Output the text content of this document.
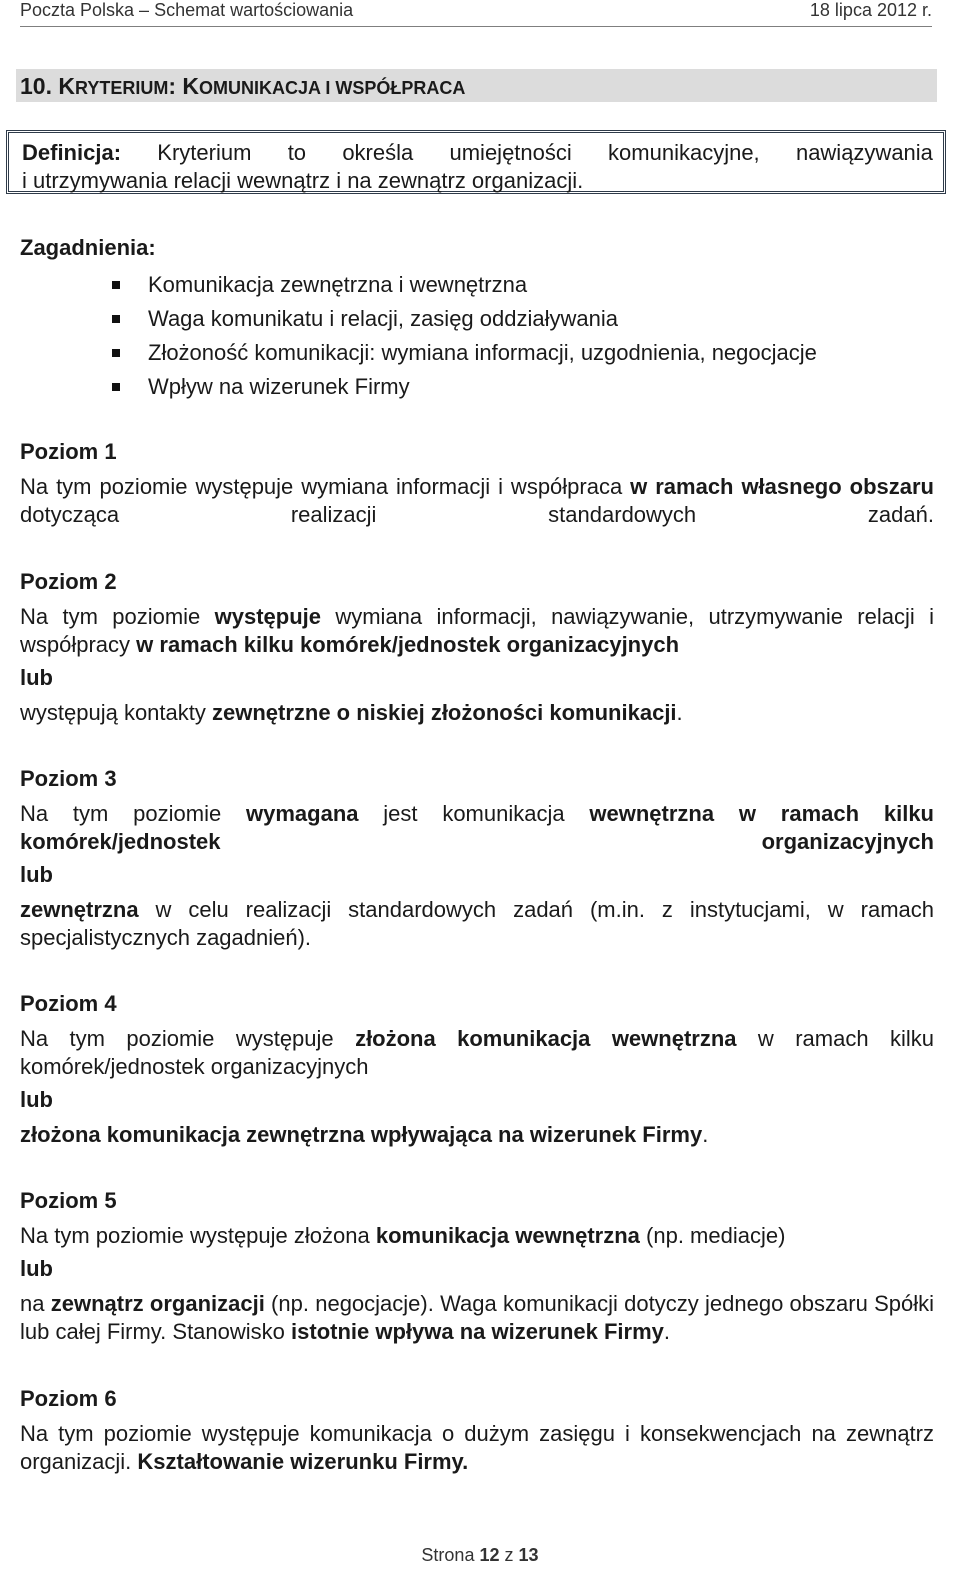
Poczta Polska – Schemat wartościowania	18 lipca 2012 r.
10. KRYTERIUM: KOMUNIKACJA I WSPÓŁPRACA
Definicja: Kryterium to określa umiejętności komunikacyjne, nawiązywania
i utrzymywania relacji wewnątrz i na zewnątrz organizacji.
Zagadnienia:
Komunikacja zewnętrzna i wewnętrzna
Waga komunikatu i relacji, zasięg oddziaływania
Złożoność komunikacji: wymiana informacji, uzgodnienia, negocjacje
Wpływ na wizerunek Firmy
Poziom 1
Na tym poziomie występuje wymiana informacji i współpraca w ramach własnego obszaru dotycząca realizacji standardowych zadań.
Poziom 2
Na tym poziomie występuje wymiana informacji, nawiązywanie, utrzymywanie relacji i współpracy w ramach kilku komórek/jednostek organizacyjnych
lub
występują kontakty zewnętrzne o niskiej złożoności komunikacji.
Poziom 3
Na tym poziomie wymagana jest komunikacja wewnętrzna w ramach kilku komórek/jednostek organizacyjnych
lub
zewnętrzna w celu realizacji standardowych zadań (m.in. z instytucjami, w ramach specjalistycznych zagadnień).
Poziom 4
Na tym poziomie występuje złożona komunikacja wewnętrzna w ramach kilku komórek/jednostek organizacyjnych
lub
złożona komunikacja zewnętrzna wpływająca na wizerunek Firmy.
Poziom 5
Na tym poziomie występuje złożona komunikacja wewnętrzna (np. mediacje)
lub
na zewnątrz organizacji (np. negocjacje). Waga komunikacji dotyczy jednego obszaru Spółki lub całej Firmy. Stanowisko istotnie wpływa na wizerunek Firmy.
Poziom 6
Na tym poziomie występuje komunikacja o dużym zasięgu i konsekwencjach na zewnątrz organizacji. Kształtowanie wizerunku Firmy.
Strona 12 z 13
